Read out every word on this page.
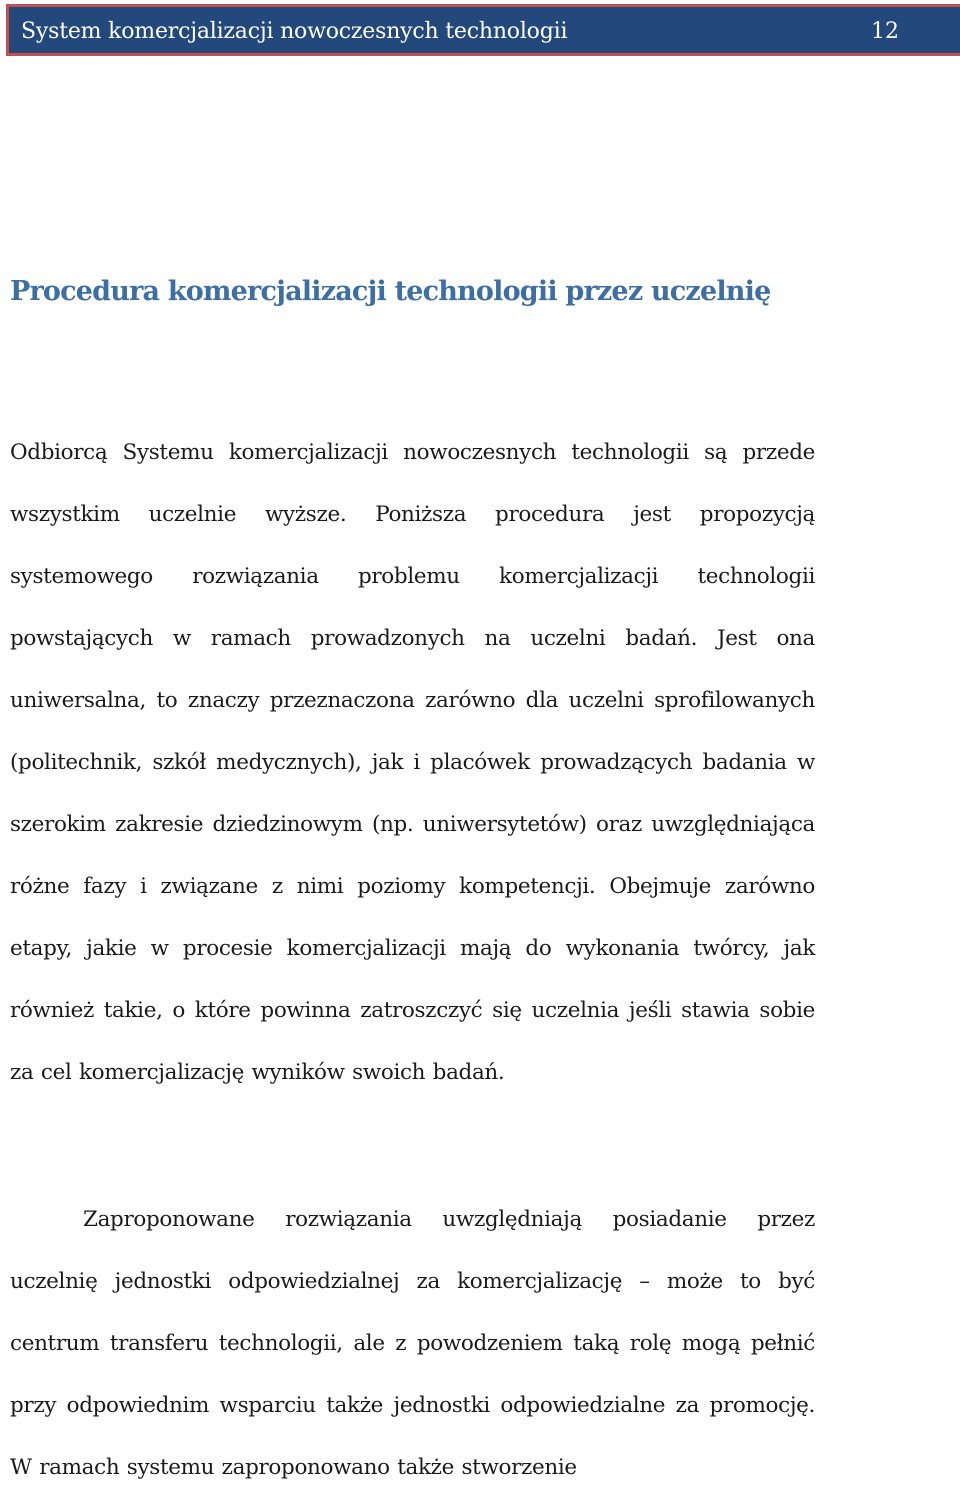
System komercjalizacji nowoczesnych technologii	12
Procedura komercjalizacji technologii przez uczelnię

Odbiorcą Systemu komercjalizacji nowoczesnych technologii są przede wszystkim uczelnie wyższe. Poniższa procedura jest propozycją systemowego rozwiązania problemu komercjalizacji technologii powstających w ramach prowadzonych na uczelni badań. Jest ona uniwersalna, to znaczy przeznaczona zarówno dla uczelni sprofilowanych (politechnik, szkół medycznych), jak i placówek prowadzących badania w szerokim zakresie dziedzinowym (np. uniwersytetów) oraz uwzględniająca różne fazy i związane z nimi poziomy kompetencji. Obejmuje zarówno etapy, jakie w procesie komercjalizacji mają do wykonania twórcy, jak również takie, o które powinna zatroszczyć się uczelnia jeśli stawia sobie za cel komercjalizację wyników swoich badań.

Zaproponowane rozwiązania uwzględniają posiadanie przez uczelnię jednostki odpowiedzialnej za komercjalizację – może to być centrum transferu technologii, ale z powodzeniem taką rolę mogą pełnić przy odpowiednim wsparciu także jednostki odpowiedzialne za promocję. W ramach systemu zaproponowano także stworzenie
